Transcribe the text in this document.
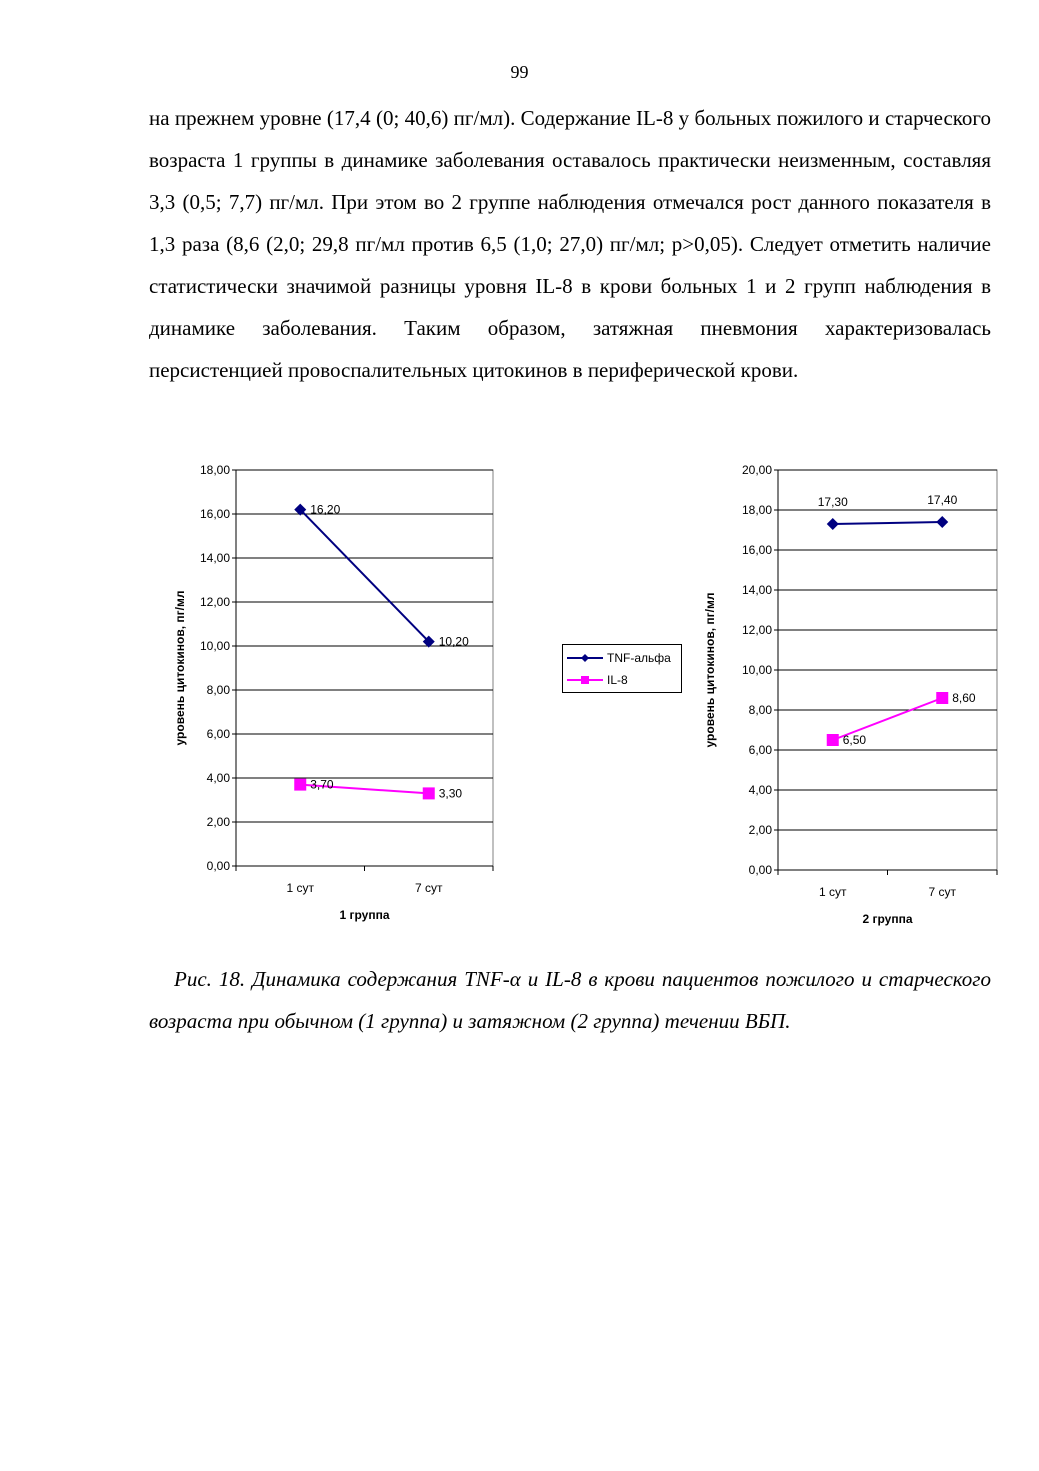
99

на прежнем уровне (17,4 (0; 40,6) пг/мл). Содержание IL-8 у больных пожилого и старческого возраста 1 группы в динамике заболевания оставалось практически неизменным, составляя 3,3 (0,5; 7,7) пг/мл. При этом во 2 группе наблюдения отмечался рост данного показателя в 1,3 раза (8,6 (2,0; 29,8 пг/мл против 6,5 (1,0; 27,0) пг/мл; p>0,05). Следует отметить наличие статистически значимой разницы уровня IL-8 в крови больных 1 и 2 групп наблюдения в динамике заболевания. Таким образом, затяжная пневмония характеризовалась персистенцией провоспалительных цитокинов в периферической крови.

0,00
2,00
4,00
6,00
8,00
10,00
12,00
14,00
16,00
18,00
1 сут	7 сут
1 группа
уровень цитокинов, пг/мл
16,20
10,20
3,70
3,30
0,00
2,00
4,00
6,00
8,00
10,00
12,00
14,00
16,00
18,00
20,00
1 сут	7 сут
2 группа
уровень цитокинов, пг/мл
17,30	17,40
6,50
8,60
TNF-альфа
IL-8

Рис. 18. Динамика содержания TNF-α и IL-8 в крови пациентов пожилого и старческого возраста при обычном (1 группа) и затяжном (2 группа) течении ВБП.
